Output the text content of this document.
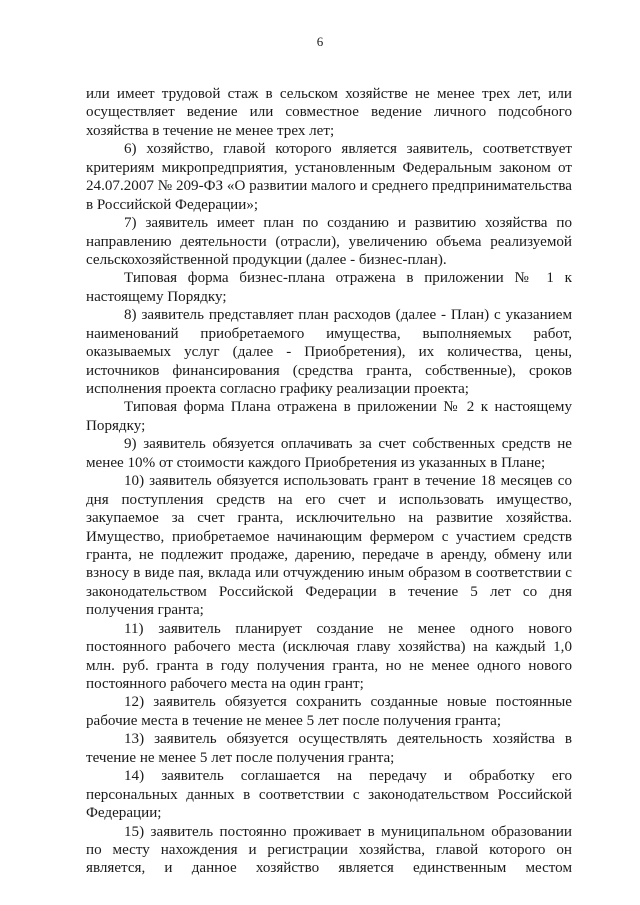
6
или имеет трудовой стаж в сельском хозяйстве не менее трех лет, или
осуществляет ведение или совместное ведение личного подсобного
хозяйства в течение не менее трех лет;
6) хозяйство, главой которого является заявитель, соответствует
критериям микропредприятия, установленным Федеральным законом от
24.07.2007 № 209-ФЗ «О развитии малого и среднего предпринимательства
в Российской Федерации»;
7) заявитель имеет план по созданию и развитию хозяйства по
направлению деятельности (отрасли), увеличению объема реализуемой
сельскохозяйственной продукции (далее - бизнес-план).
Типовая форма бизнес-плана отражена в приложении № 1 к
настоящему Порядку;
8) заявитель представляет план расходов (далее - План) с указанием
наименований приобретаемого имущества, выполняемых работ,
оказываемых услуг (далее - Приобретения), их количества, цены,
источников финансирования (средства гранта, собственные), сроков
исполнения проекта согласно графику реализации проекта;
Типовая форма Плана отражена в приложении № 2 к настоящему
Порядку;
9) заявитель обязуется оплачивать за счет собственных средств не
менее 10% от стоимости каждого Приобретения из указанных в Плане;
10) заявитель обязуется использовать грант в течение 18 месяцев со
дня поступления средств на его счет и использовать имущество,
закупаемое за счет гранта, исключительно на развитие хозяйства.
Имущество, приобретаемое начинающим фермером с участием средств
гранта, не подлежит продаже, дарению, передаче в аренду, обмену или
взносу в виде пая, вклада или отчуждению иным образом в соответствии с
законодательством Российской Федерации в течение 5 лет со дня
получения гранта;
11) заявитель планирует создание не менее одного нового
постоянного рабочего места (исключая главу хозяйства) на каждый 1,0
млн. руб. гранта в году получения гранта, но не менее одного нового
постоянного рабочего места на один грант;
12) заявитель обязуется сохранить созданные новые постоянные
рабочие места в течение не менее 5 лет после получения гранта;
13) заявитель обязуется осуществлять деятельность хозяйства в
течение не менее 5 лет после получения гранта;
14) заявитель соглашается на передачу и обработку его
персональных данных в соответствии с законодательством Российской
Федерации;
15) заявитель постоянно проживает в муниципальном образовании
по месту нахождения и регистрации хозяйства, главой которого он
является, и данное хозяйство является единственным местом
